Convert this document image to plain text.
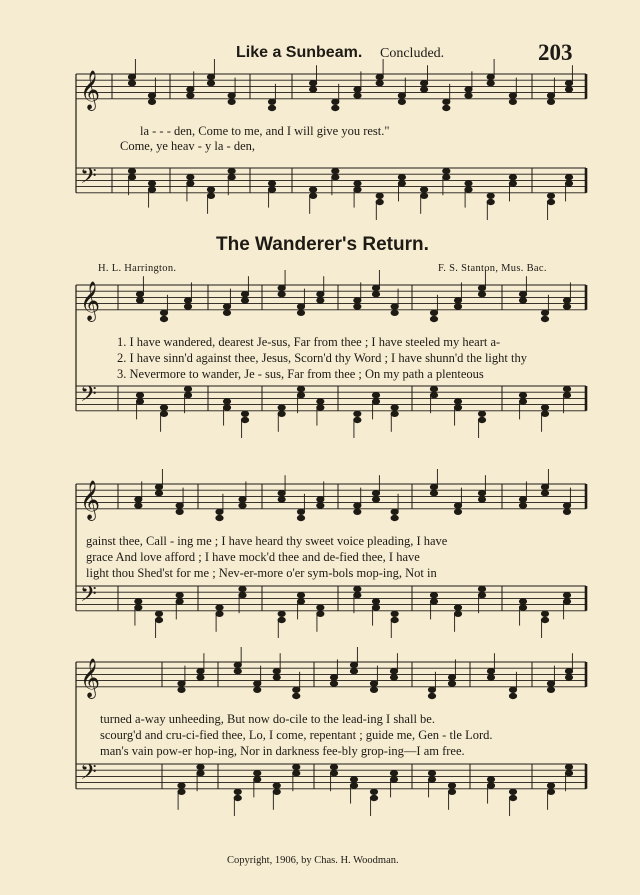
Like a Sunbeam. Concluded.	203
𝄞
𝄢
𝄞
𝄢
𝄞
𝄢
𝄞
𝄢
la - - - den, Come to me, and I will give you rest."
Come, ye heav - y la - den,
The Wanderer's Return.
H. L. Harrington.	F. S. Stanton, Mus. Bac.
1. I have wandered, dearest Je-sus, Far from thee ; I have steeled my heart a-
2. I have sinn'd against thee, Jesus, Scorn'd thy Word ; I have shunn'd the light thy
3. Nevermore to wander, Je - sus, Far from thee ; On my path a plenteous
gainst thee, Call - ing me ; I have heard thy sweet voice pleading, I have
grace And love afford ; I have mock'd thee and de-fied thee, I have
light thou Shed'st for me ; Nev-er-more o'er sym-bols mop-ing, Not in
turned a-way unheeding, But now do-cile to the lead-ing I shall be.
scourg'd and cru-ci-fied thee, Lo, I come, repentant ; guide me, Gen - tle Lord.
man's vain pow-er hop-ing, Nor in darkness fee-bly grop-ing—I am free.
Copyright, 1906, by Chas. H. Woodman.
